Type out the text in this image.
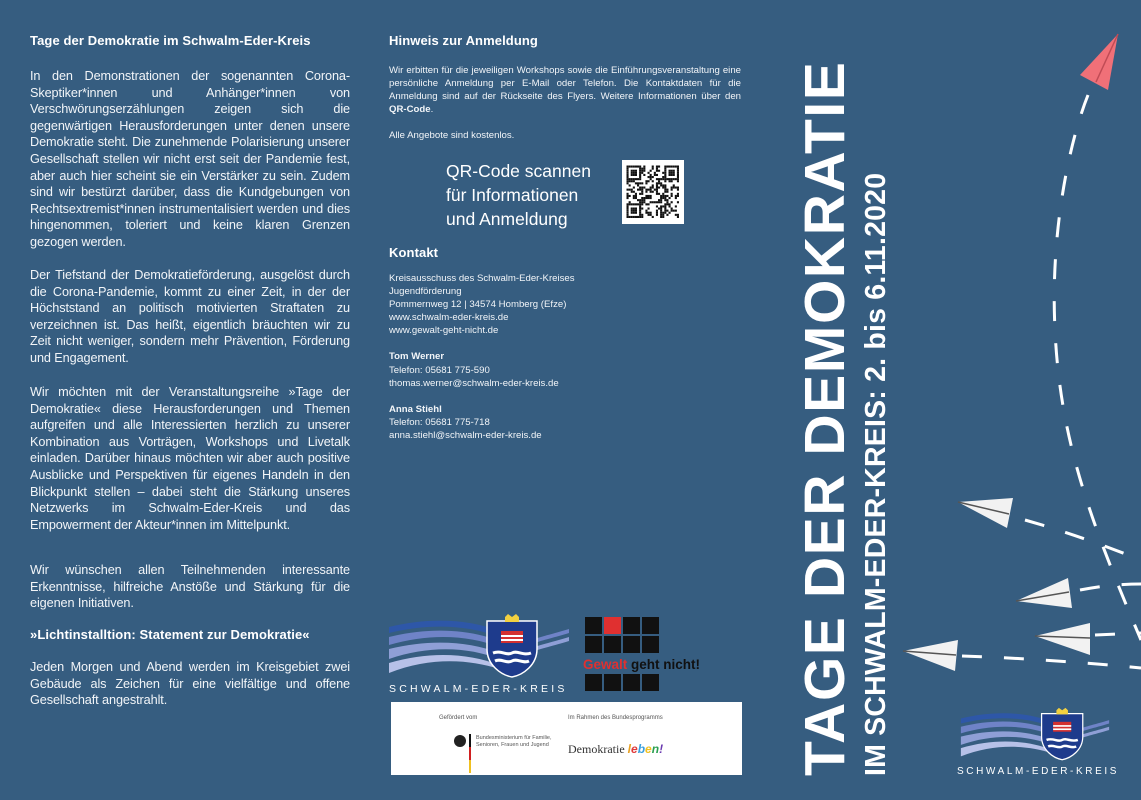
Tage der Demokratie im Schwalm-Eder-Kreis

In den Demonstrationen der sogenannten Corona-Skeptiker*innen und Anhänger*innen von Verschwörungserzählungen zeigen sich die gegenwärtigen Herausforderungen unter denen unsere Demokratie steht. Die zunehmende Polarisierung unserer Gesellschaft stellen wir nicht erst seit der Pandemie fest, aber auch hier scheint sie ein Verstärker zu sein. Zudem sind wir bestürzt darüber, dass die Kundgebungen von Rechtsextremist*innen instrumentalisiert werden und dies hingenommen, toleriert und keine klaren Grenzen gezogen werden.

Der Tiefstand der Demokratieförderung, ausgelöst durch die Corona-Pandemie, kommt zu einer Zeit, in der der Höchststand an politisch motivierten Straftaten zu verzeichnen ist. Das heißt, eigentlich bräuchten wir zu Zeit nicht weniger, sondern mehr Prävention, Förderung und Engagement.

Wir möchten mit der Veranstaltungsreihe »Tage der Demokratie« diese Herausforderungen und Themen aufgreifen und alle Interessierten herzlich zu unserer Kombination aus Vorträgen, Workshops und Livetalk einladen. Darüber hinaus möchten wir aber auch positive Ausblicke und Perspektiven für eigenes Handeln in den Blickpunkt stellen – dabei steht die Stärkung unseres Netzwerks im Schwalm-Eder-Kreis und das Empowerment der Akteur*innen im Mittelpunkt.

Wir wünschen allen Teilnehmenden interessante Erkenntnisse, hilfreiche Anstöße und Stärkung für die eigenen Initiativen.

»Lichtinstalltion: Statement zur Demokratie«

Jeden Morgen und Abend werden im Kreisgebiet zwei Gebäude als Zeichen für eine vielfältige und offene Gesellschaft angestrahlt.

Hinweis zur Anmeldung

Wir erbitten für die jeweiligen Workshops sowie die Einführungsveranstaltung eine persönliche Anmeldung per E-Mail oder Telefon. Die Kontaktdaten für die Anmeldung sind auf der Rückseite des Flyers. Weitere Informationen über den QR-Code.

Alle Angebote sind kostenlos.

QR-Code scannen
für Informationen
und Anmeldung
Kontakt
Kreisausschuss des Schwalm-Eder-Kreises
Jugendförderung
Pommernweg 12 | 34574 Homberg (Efze)
www.schwalm-eder-kreis.de
www.gewalt-geht-nicht.de
Tom Werner
Telefon: 05681 775-590
thomas.werner@schwalm-eder-kreis.de
Anna Stiehl
Telefon: 05681 775-718
anna.stiehl@schwalm-eder-kreis.de
SCHWALM-EDER-KREIS
Gewalt geht nicht!
Gefördert vom	Im Rahmen des Bundesprogramms
Bundesministerium für Familie, Senioren, Frauen und Jugend	Demokratie leben! TAGE DER DEMOKRATIE IM SCHWALM-EDER-KREIS: 2. bis 6.11.2020	SCHWALM-EDER-KREIS
